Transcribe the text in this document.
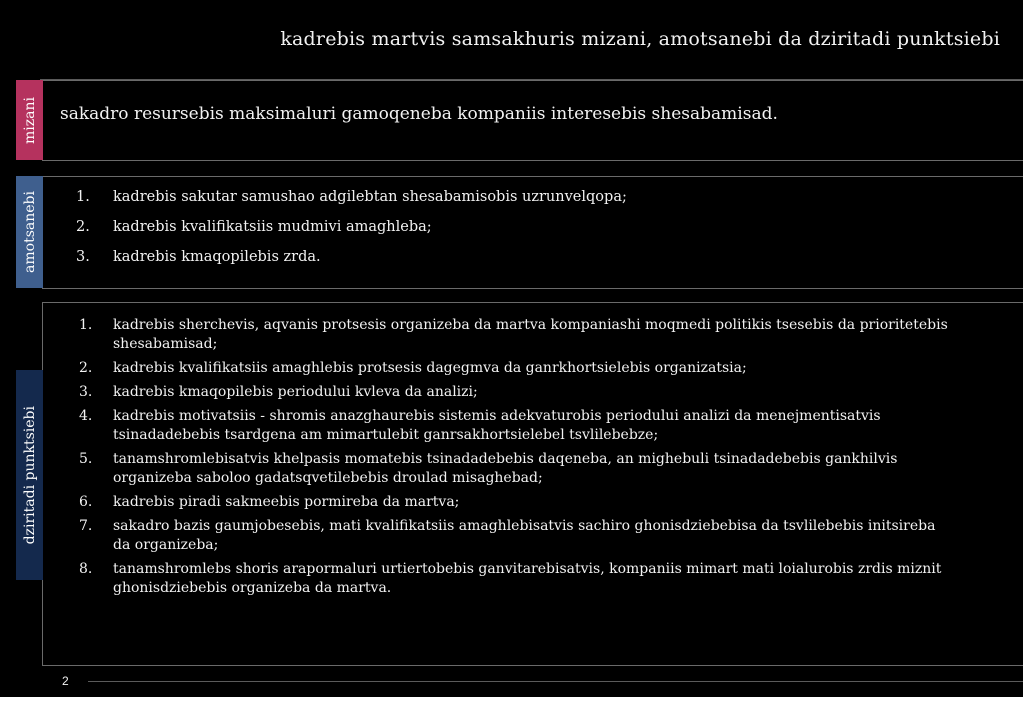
kadrebis martvis samsakhuris mizani, amotsanebi da dziritadi punktsiebi
mizani sakadro resursebis maksimaluri gamoqeneba kompaniis interesebis shesabamisad.
amotsanebi	1. kadrebis sakutar samushao adgilebtan shesabamisobis uzrunvelqopa;
2. kadrebis kvalifikatsiis mudmivi amaghleba;
3. kadrebis kmaqopilebis zrda.
dziritadi punktsiebi
1. kadrebis sherchevis, aqvanis protsesis organizeba da martva kompaniashi moqmedi politikis tsesebis da prioritetebis shesabamisad;
2. kadrebis kvalifikatsiis amaghlebis protsesis dagegmva da ganrkhortsielebis organizatsia;
3. kadrebis kmaqopilebis periodului kvleva da analizi;
4. kadrebis motivatsiis - shromis anazghaurebis sistemis adekvaturobis periodului analizi da menejmentisatvis tsinadadebebis tsardgena am mimartulebit ganrsakhortsielebel tsvlilebebze;
5. tanamshromlebisatvis khelpasis momatebis tsinadadebebis daqeneba, an mighebuli tsinadadebebis gankhilvis organizeba saboloo gadatsqvetilebebis droulad misaghebad;
6. kadrebis piradi sakmeebis pormireba da martva;
7. sakadro bazis gaumjobesebis, mati kvalifikatsiis amaghlebisatvis sachiro ghonisdziebebisa da tsvlilebebis initsireba da organizeba;
8. tanamshromlebs shoris arapormaluri urtiertobebis ganvitarebisatvis, kompaniis mimart mati loialurobis zrdis miznit ghonisdziebebis organizeba da martva.
2
